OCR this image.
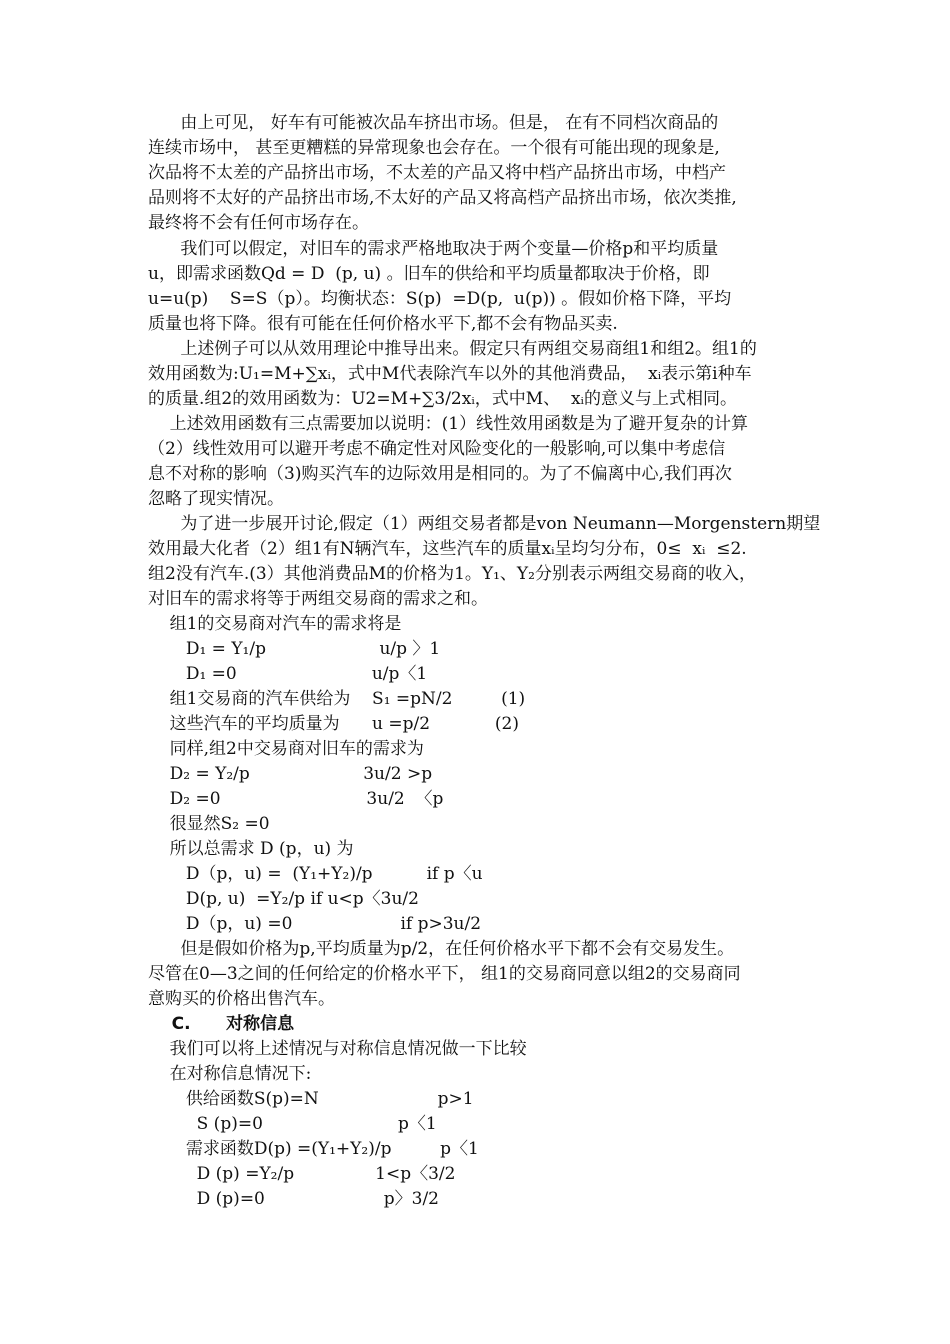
由上可见， 好车有可能被次品车挤出市场。但是， 在有不同档次商品的
连续市场中， 甚至更糟糕的异常现象也会存在。一个很有可能出现的现象是,
次品将不太差的产品挤出市场，不太差的产品又将中档产品挤出市场，中档产
品则将不太好的产品挤出市场,不太好的产品又将高档产品挤出市场，依次类推,
最终将不会有任何市场存在。
我们可以假定，对旧车的需求严格地取决于两个变量—价格p和平均质量
u，即需求函数Qd = D  (p, u) 。旧车的供给和平均质量都取决于价格，即
u=u(p)    S=S（p）。均衡状态：S(p)  =D(p,  u(p)) 。假如价格下降，平均
质量也将下降。很有可能在任何价格水平下,都不会有物品买卖.
上述例子可以从效用理论中推导出来。假定只有两组交易商组1和组2。组1的
效用函数为:U₁=M+∑xᵢ，式中M代表除汽车以外的其他消费品，  xᵢ表示第i种车
的质量.组2的效用函数为：U2=M+∑3/2xᵢ，式中M、  xᵢ的意义与上式相同。
上述效用函数有三点需要加以说明：(1）线性效用函数是为了避开复杂的计算
（2）线性效用可以避开考虑不确定性对风险变化的一般影响,可以集中考虑信
息不对称的影响（3)购买汽车的边际效用是相同的。为了不偏离中心,我们再次
忽略了现实情况。
为了进一步展开讨论,假定（1）两组交易者都是von Neumann—Morgenstern期望
效用最大化者（2）组1有N辆汽车，这些汽车的质量xᵢ呈均匀分布，0≤  xᵢ  ≤2.
组2没有汽车.(3）其他消费品M的价格为1。Y₁、Y₂分别表示两组交易商的收入，
对旧车的需求将等于两组交易商的需求之和。
组1的交易商对汽车的需求将是
D₁ = Y₁/p                     u/p 〉1
D₁ =0                         u/p〈1
组1交易商的汽车供给为    S₁ =pN/2         (1)
这些汽车的平均质量为      u =p/2            (2)
同样,组2中交易商对旧车的需求为
D₂ = Y₂/p                     3u/2 >p
D₂ =0                           3u/2  〈p
很显然S₂ =0
所以总需求 D (p，u) 为
D（p，u) =  (Y₁+Y₂)/p          if p〈u
D(p, u)  =Y₂/p if u<p〈3u/2
D（p，u) =0                    if p>3u/2
但是假如价格为p,平均质量为p/2，在任何价格水平下都不会有交易发生。
尽管在0—3之间的任何给定的价格水平下， 组1的交易商同意以组2的交易商同
意购买的价格出售汽车。
C.      对称信息
我们可以将上述情况与对称信息情况做一下比较
在对称信息情况下:
供给函数S(p)=N                      p>1
S (p)=0                         p〈1
需求函数D(p) =(Y₁+Y₂)/p         p〈1
D (p) =Y₂/p               1<p〈3/2
D (p)=0                      p〉3/2
